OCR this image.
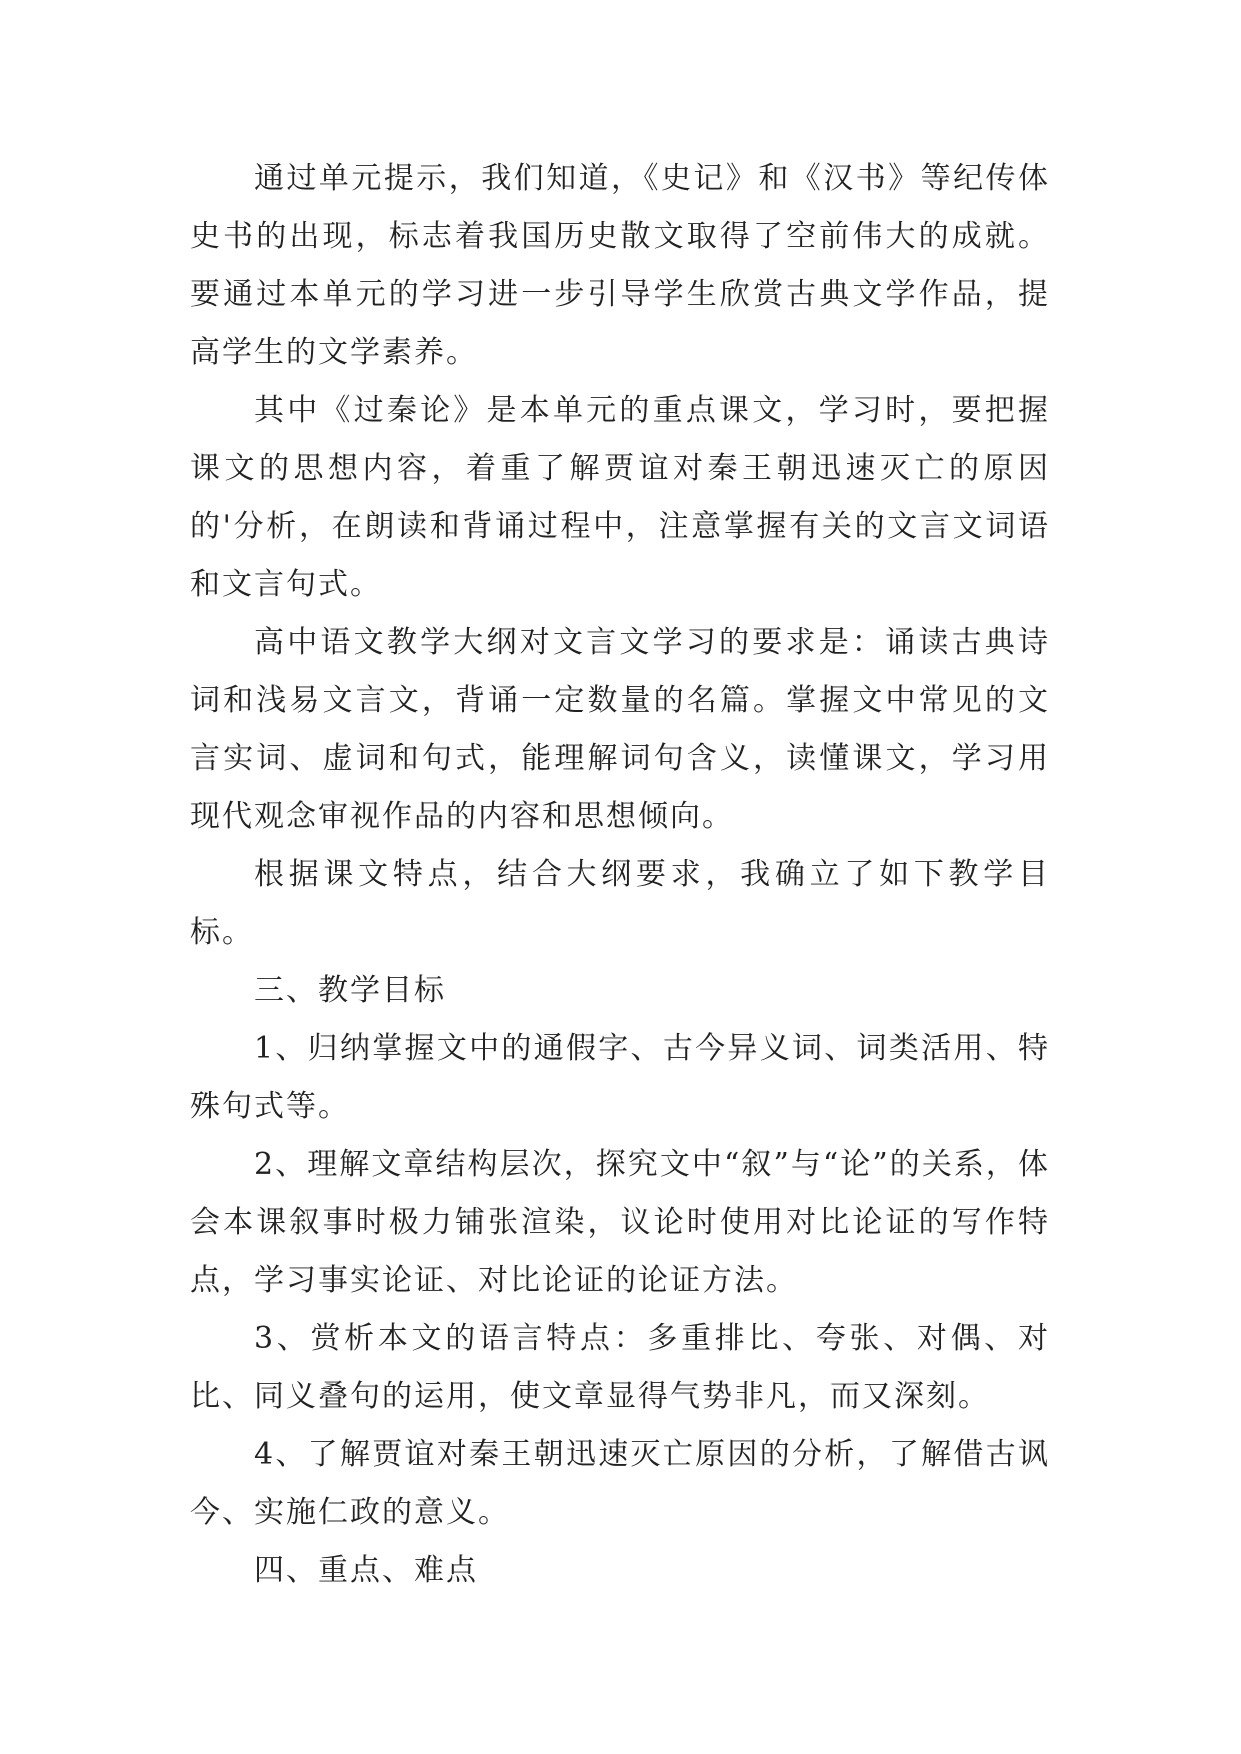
通过单元提示，我们知道，《史记》和《汉书》等纪传体史书的出现，标志着我国历史散文取得了空前伟大的成就。要通过本单元的学习进一步引导学生欣赏古典文学作品，提高学生的文学素养。

其中《过秦论》是本单元的重点课文，学习时，要把握课文的思想内容，着重了解贾谊对秦王朝迅速灭亡的原因的'分析，在朗读和背诵过程中，注意掌握有关的文言文词语和文言句式。

高中语文教学大纲对文言文学习的要求是：诵读古典诗词和浅易文言文，背诵一定数量的名篇。掌握文中常见的文言实词、虚词和句式，能理解词句含义，读懂课文，学习用现代观念审视作品的内容和思想倾向。

根据课文特点，结合大纲要求，我确立了如下教学目标。

三、教学目标

1、归纳掌握文中的通假字、古今异义词、词类活用、特殊句式等。

2、理解文章结构层次，探究文中“叙”与“论”的关系，体会本课叙事时极力铺张渲染，议论时使用对比论证的写作特点，学习事实论证、对比论证的论证方法。

3、赏析本文的语言特点：多重排比、夸张、对偶、对比、同义叠句的运用，使文章显得气势非凡，而又深刻。

4、了解贾谊对秦王朝迅速灭亡原因的分析，了解借古讽今、实施仁政的意义。

四、重点、难点
